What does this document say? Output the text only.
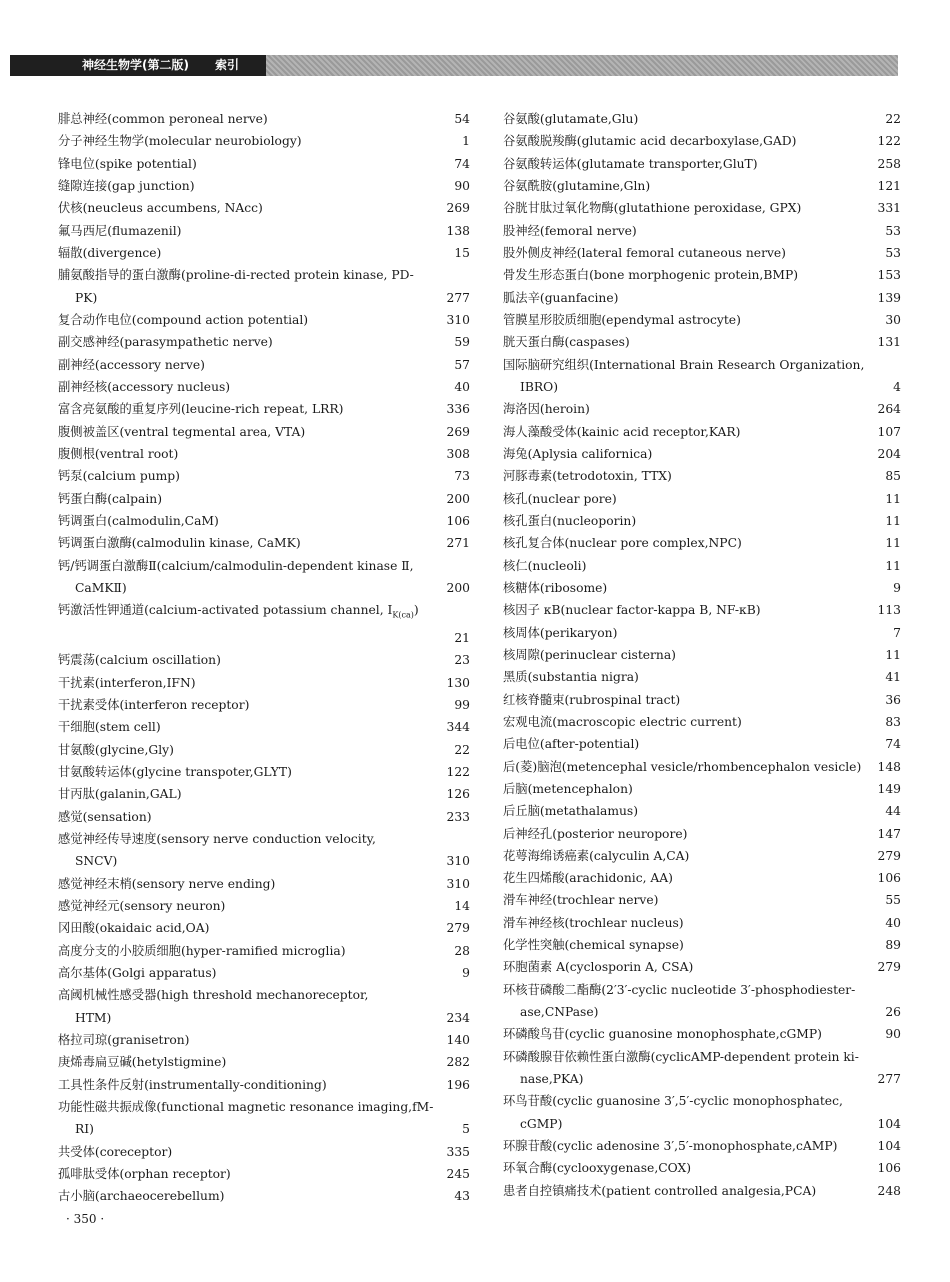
神经生物学(第二版) 索引
腓总神经(common peroneal nerve)	54
分子神经生物学(molecular neurobiology)	1
锋电位(spike potential)	74
缝隙连接(gap junction)	90
伏核(neucleus accumbens, NAcc)	269
氟马西尼(flumazenil)	138
辐散(divergence)	15
脯氨酸指导的蛋白激酶(proline-di-rected protein kinase, PD-
PK)	277
复合动作电位(compound action potential)	310
副交感神经(parasympathetic nerve)	59
副神经(accessory nerve)	57
副神经核(accessory nucleus)	40
富含亮氨酸的重复序列(leucine-rich repeat, LRR)	336
腹侧被盖区(ventral tegmental area, VTA)	269
腹侧根(ventral root)	308
钙泵(calcium pump)	73
钙蛋白酶(calpain)	200
钙调蛋白(calmodulin,CaM)	106
钙调蛋白激酶(calmodulin kinase, CaMK)	271
钙/钙调蛋白激酶Ⅱ(calcium/calmodulin-dependent kinase Ⅱ,
CaMKⅡ)	200
钙激活性钾通道(calcium-activated potassium channel, $I_{K(ca)}$)
21
钙震荡(calcium oscillation)	23
干扰素(interferon,IFN)	130
干扰素受体(interferon receptor)	99
干细胞(stem cell)	344
甘氨酸(glycine,Gly)	22
甘氨酸转运体(glycine transpoter,GLYT)	122
甘丙肽(galanin,GAL)	126
感觉(sensation)	233
感觉神经传导速度(sensory nerve conduction velocity,
SNCV)	310
感觉神经末梢(sensory nerve ending)	310
感觉神经元(sensory neuron)	14
冈田酸(okaidaic acid,OA)	279
高度分支的小胶质细胞(hyper-ramified microglia)	28
高尔基体(Golgi apparatus)	9
高阈机械性感受器(high threshold mechanoreceptor,
HTM)	234
格拉司琼(granisetron)	140
庚烯毒扁豆碱(hetylstigmine)	282
工具性条件反射(instrumentally-conditioning)	196
功能性磁共振成像(functional magnetic resonance imaging,fM-
RI)	5
共受体(coreceptor)	335
孤啡肽受体(orphan receptor)	245
古小脑(archaeocerebellum)	43
谷氨酸(glutamate,Glu)	22
谷氨酸脱羧酶(glutamic acid decarboxylase,GAD)	122
谷氨酸转运体(glutamate transporter,GluT)	258
谷氨酰胺(glutamine,Gln)	121
谷胱甘肽过氧化物酶(glutathione peroxidase, GPX)	331
股神经(femoral nerve)	53
股外侧皮神经(lateral femoral cutaneous nerve)	53
骨发生形态蛋白(bone morphogenic protein,BMP)	153
胍法辛(guanfacine)	139
管膜星形胶质细胞(ependymal astrocyte)	30
胱天蛋白酶(caspases)	131
国际脑研究组织(International Brain Research Organization,
IBRO)	4
海洛因(heroin)	264
海人藻酸受体(kainic acid receptor,KAR)	107
海兔(Aplysia californica)	204
河豚毒素(tetrodotoxin, TTX)	85
核孔(nuclear pore)	11
核孔蛋白(nucleoporin)	11
核孔复合体(nuclear pore complex,NPC)	11
核仁(nucleoli)	11
核糖体(ribosome)	9
核因子 κB(nuclear factor-kappa B, NF-κB)	113
核周体(perikaryon)	7
核周隙(perinuclear cisterna)	11
黑质(substantia nigra)	41
红核脊髓束(rubrospinal tract)	36
宏观电流(macroscopic electric current)	83
后电位(after-potential)	74
后(菱)脑泡(metencephal vesicle/rhombencephalon vesicle)	148
后脑(metencephalon)	149
后丘脑(metathalamus)	44
后神经孔(posterior neuropore)	147
花萼海绵诱癌素(calyculin A,CA)	279
花生四烯酸(arachidonic, AA)	106
滑车神经(trochlear nerve)	55
滑车神经核(trochlear nucleus)	40
化学性突触(chemical synapse)	89
环胞菌素 A(cyclosporin A, CSA)	279
环核苷磷酸二酯酶(2′3′-cyclic nucleotide 3′-phosphodiester-
ase,CNPase)	26
环磷酸鸟苷(cyclic guanosine monophosphate,cGMP)	90
环磷酸腺苷依赖性蛋白激酶(cyclicAMP-dependent protein ki-
nase,PKA)	277
环鸟苷酸(cyclic guanosine 3′,5′-cyclic monophosphatec,
cGMP)	104
环腺苷酸(cyclic adenosine 3′,5′-monophosphate,cAMP)	104
环氧合酶(cyclooxygenase,COX)	106
患者自控镇痛技术(patient controlled analgesia,PCA)	248
· 350 ·
